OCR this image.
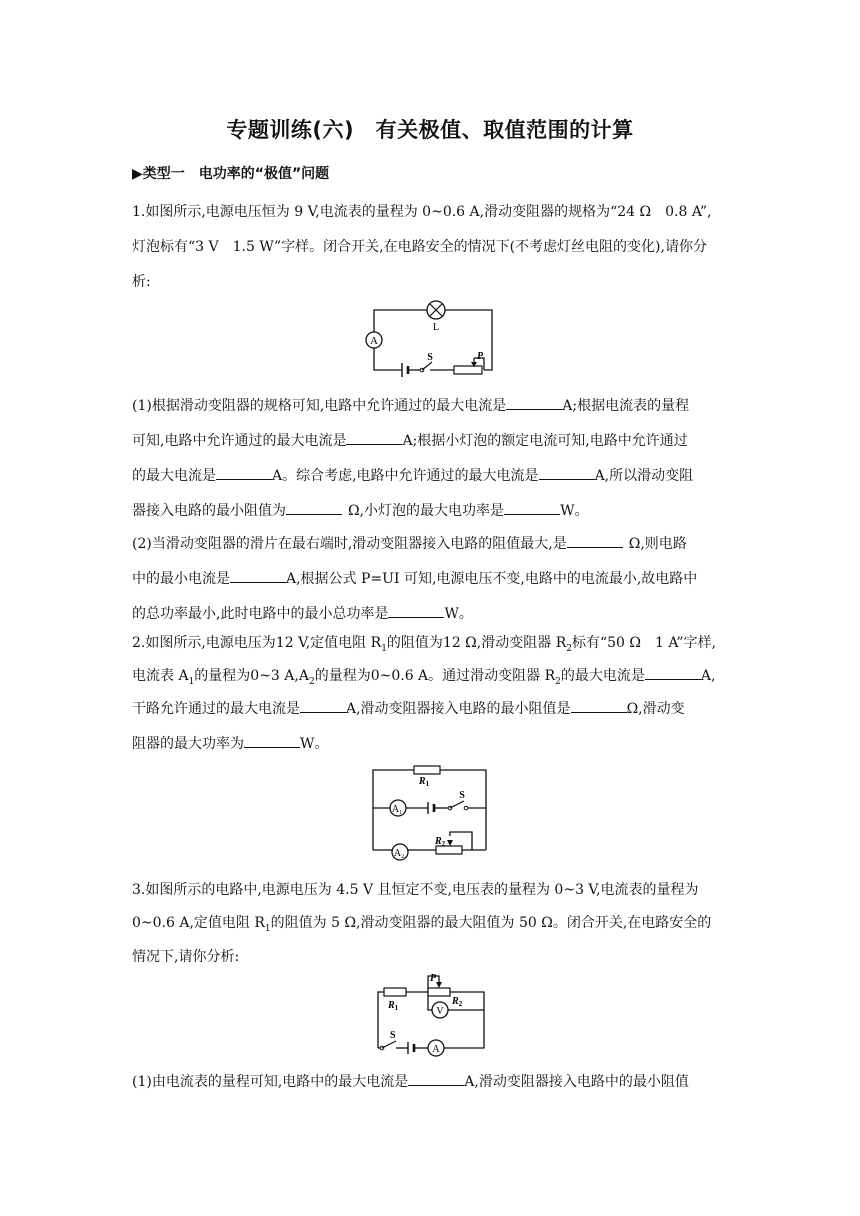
专题训练(六)　有关极值、取值范围的计算
▶类型一　电功率的“极值”问题
1.如图所示,电源电压恒为 9 V,电流表的量程为 0~0.6 A,滑动变阻器的规格为“24 Ω　0.8 A”,
灯泡标有“3 V　1.5 W”字样。闭合开关,在电路安全的情况下(不考虑灯丝电阻的变化),请你分
析:
A
L
S	P
(1)根据滑动变阻器的规格可知,电路中允许通过的最大电流是	A;根据电流表的量程
可知,电路中允许通过的最大电流是	A;根据小灯泡的额定电流可知,电路中允许通过
的最大电流是	A。综合考虑,电路中允许通过的最大电流是	A,所以滑动变阻
器接入电路的最小阻值为	Ω,小灯泡的最大电功率是	W。
(2)当滑动变阻器的滑片在最右端时,滑动变阻器接入电路的阻值最大,是	Ω,则电路
中的最小电流是	A,根据公式 P=UI 可知,电源电压不变,电路中的电流最小,故电路中
的总功率最小,此时电路中的最小总功率是	W。
2.如图所示,电源电压为12 V,定值电阻 $R_1$的阻值为12 Ω,滑动变阻器 $R_2$标有“50 Ω　1 A”字样,
电流表 $A_1$的量程为0~3 $A,A_2$的量程为0~0.6 A。通过滑动变阻器 $R_2$的最大电流是	A,
干路允许通过的最大电流是	A,滑动变阻器接入电路的最小阻值是	Ω,滑动变
阻器的最大功率为	W。
$R_1$
$A_1$
S
$A_2$
$R_2$
3.如图所示的电路中,电源电压为 4.5 V 且恒定不变,电压表的量程为 0~3 V,电流表的量程为
0~0.6 A,定值电阻 $R_1$的阻值为 5 Ω,滑动变阻器的最大阻值为 50 Ω。闭合开关,在电路安全的
情况下,请你分析:
$R_1$
P
$R_2$
V
S
A
(1)由电流表的量程可知,电路中的最大电流是	A,滑动变阻器接入电路中的最小阻值
